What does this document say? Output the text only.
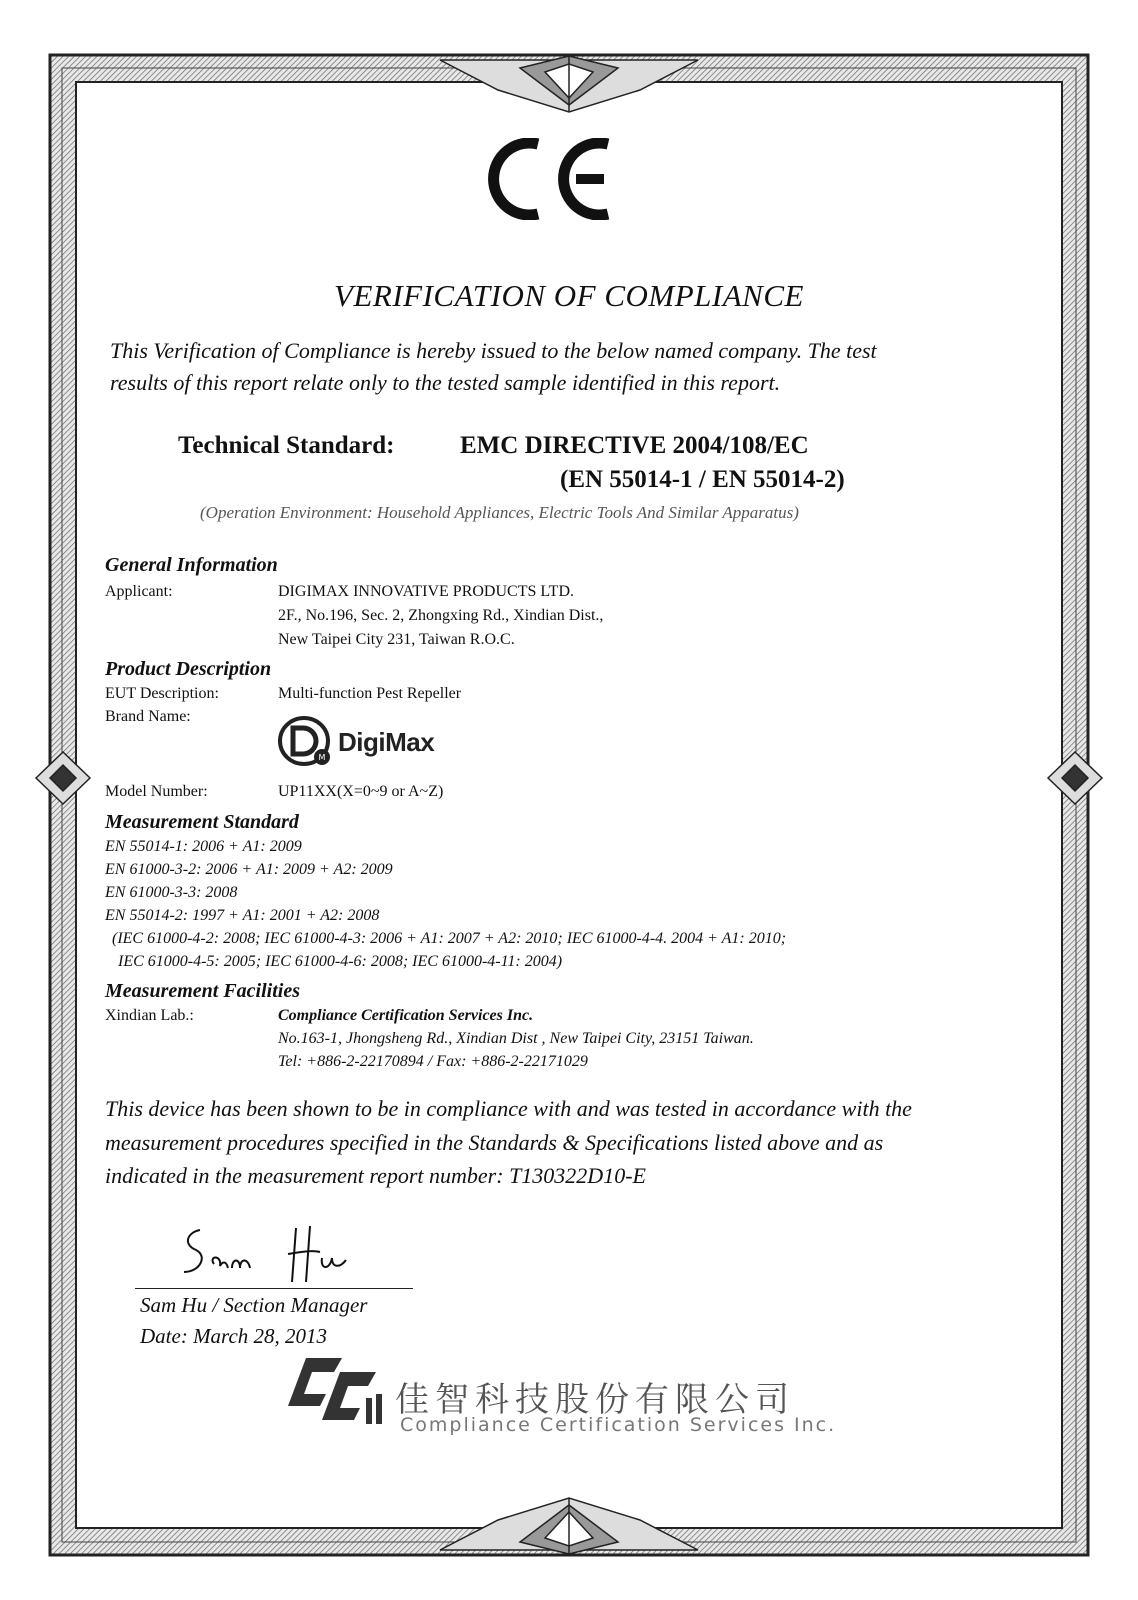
VERIFICATION OF COMPLIANCE
This Verification of Compliance is hereby issued to the below named company. The test
results of this report relate only to the tested sample identified in this report.
Technical Standard:	EMC DIRECTIVE 2004/108/EC
(EN 55014-1 / EN 55014-2)
(Operation Environment: Household Appliances, Electric Tools And Similar Apparatus)
General Information
Applicant:	DIGIMAX INNOVATIVE PRODUCTS LTD.
2F., No.196, Sec. 2, Zhongxing Rd., Xindian Dist.,
New Taipei City 231, Taiwan R.O.C.
Product Description
EUT Description:	Multi-function Pest Repeller
Brand Name:
M
DigiMax
Model Number:	UP11XX(X=0~9 or A~Z)
Measurement Standard
EN 55014-1: 2006 + A1: 2009
EN 61000-3-2: 2006 + A1: 2009 + A2: 2009
EN 61000-3-3: 2008
EN 55014-2: 1997 + A1: 2001 + A2: 2008
(IEC 61000-4-2: 2008; IEC 61000-4-3: 2006 + A1: 2007 + A2: 2010; IEC 61000-4-4. 2004 + A1: 2010;
IEC 61000-4-5: 2005; IEC 61000-4-6: 2008; IEC 61000-4-11: 2004)
Measurement Facilities
Xindian Lab.:	Compliance Certification Services Inc.
No.163-1, Jhongsheng Rd., Xindian Dist , New Taipei City, 23151 Taiwan.
Tel: +886-2-22170894 / Fax: +886-2-22171029
This device has been shown to be in compliance with and was tested in accordance with the
measurement procedures specified in the Standards & Specifications listed above and as
indicated in the measurement report number: T130322D10-E
Sam Hu / Section Manager
Date: March 28, 2013
佳智科技股份有限公司
Compliance Certification Services Inc.
